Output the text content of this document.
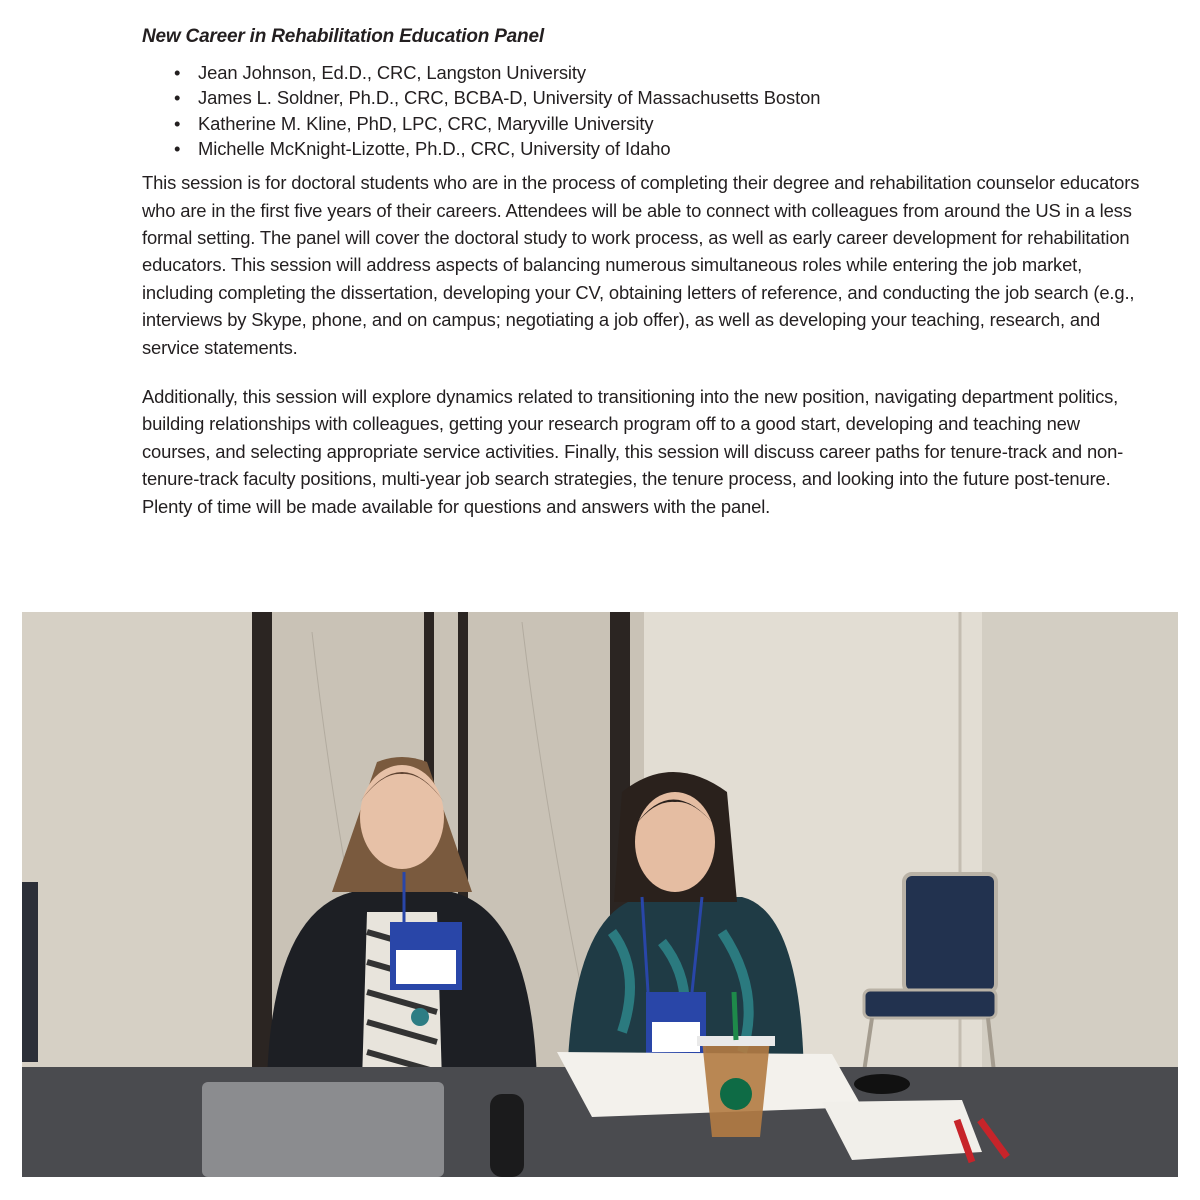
New Career in Rehabilitation Education Panel
• Jean Johnson, Ed.D., CRC, Langston University
• James L. Soldner, Ph.D., CRC, BCBA-D, University of Massachusetts Boston
• Katherine M. Kline, PhD, LPC, CRC, Maryville University
• Michelle McKnight-Lizotte, Ph.D., CRC, University of Idaho

This session is for doctoral students who are in the process of completing their degree and rehabilitation counselor educators who are in the first five years of their careers. Attendees will be able to connect with colleagues from around the US in a less formal setting. The panel will cover the doctoral study to work process, as well as early career development for rehabilitation educators. This session will address aspects of balancing numerous simultaneous roles while entering the job market, including completing the dissertation, developing your CV, obtaining letters of reference, and conducting the job search (e.g., interviews by Skype, phone, and on campus; negotiating a job offer), as well as developing your teaching, research, and service statements.

Additionally, this session will explore dynamics related to transitioning into the new position, navigating department politics, building relationships with colleagues, getting your research program off to a good start, developing and teaching new courses, and selecting appropriate service activities. Finally, this session will discuss career paths for tenure-track and non-tenure-track faculty positions, multi-year job search strategies, the tenure process, and looking into the future post-tenure. Plenty of time will be made available for questions and answers with the panel.
